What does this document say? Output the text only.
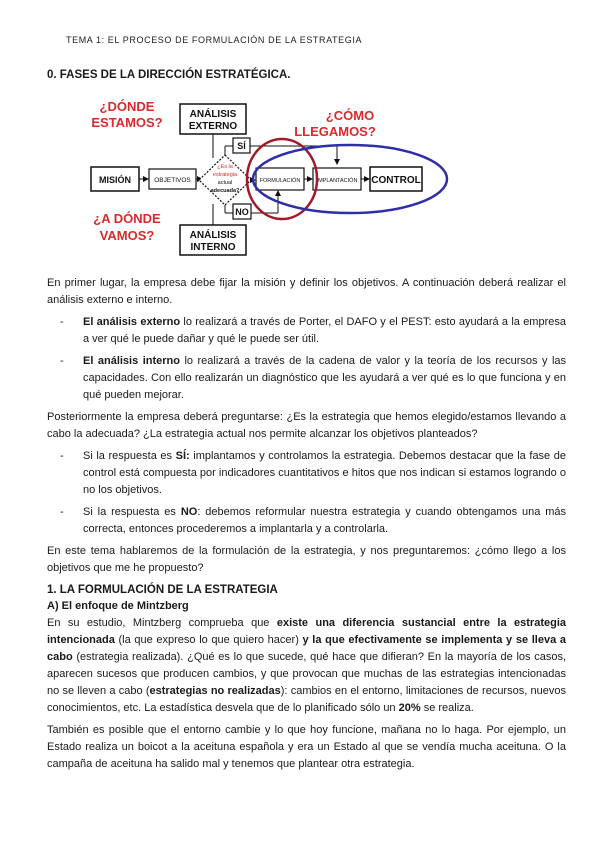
TEMA 1: EL PROCESO DE FORMULACIÓN DE LA ESTRATEGIA
0. FASES DE LA DIRECCIÓN ESTRATÉGICA.
¿DÓNDE
ESTAMOS?
¿A DÓNDE
VAMOS?
¿CÓMO
LLEGAMOS?
ANÁLISIS
EXTERNO
ANÁLISIS
INTERNO
MISIÓN	OBJETIVOS
¿Es la
estrategia
actual
adecuada?
SÍ
NO
FORMULACIÓN	IMPLANTACIÓN CONTROL

En primer lugar, la empresa debe fijar la misión y definir los objetivos. A continuación deberá realizar el análisis externo e interno.

- El análisis externo lo realizará a través de Porter, el DAFO y el PEST: esto ayudará a la empresa a ver qué le puede dañar y qué le puede ser útil.
- El análisis interno lo realizará a través de la cadena de valor y la teoría de los recursos y las capacidades. Con ello realizarán un diagnóstico que les ayudará a ver qué es lo que funciona y en qué pueden mejorar.

Posteriormente la empresa deberá preguntarse: ¿Es la estrategia que hemos elegido/estamos llevando a cabo la adecuada? ¿La estrategia actual nos permite alcanzar los objetivos planteados?

- Si la respuesta es SÍ: implantamos y controlamos la estrategia. Debemos destacar que la fase de control está compuesta por indicadores cuantitativos e hitos que nos indican si estamos logrando o no los objetivos.
- Si la respuesta es NO: debemos reformular nuestra estrategia y cuando obtengamos una más correcta, entonces procederemos a implantarla y a controlarla.

En este tema hablaremos de la formulación de la estrategia, y nos preguntaremos: ¿cómo llego a los objetivos que me he propuesto?

1. LA FORMULACIÓN DE LA ESTRATEGIA
A) El enfoque de Mintzberg

En su estudio, Mintzberg comprueba que existe una diferencia sustancial entre la estrategia intencionada (la que expreso lo que quiero hacer) y la que efectivamente se implementa y se lleva a cabo (estrategia realizada). ¿Qué es lo que sucede, qué hace que difieran? En la mayoría de los casos, aparecen sucesos que producen cambios, y que provocan que muchas de las estrategias intencionadas no se lleven a cabo (estrategias no realizadas): cambios en el entorno, limitaciones de recursos, nuevos conocimientos, etc. La estadística desvela que de lo planificado sólo un 20% se realiza.

También es posible que el entorno cambie y lo que hoy funcione, mañana no lo haga. Por ejemplo, un Estado realiza un boicot a la aceituna española y era un Estado al que se vendía mucha aceituna. O la campaña de aceituna ha salido mal y tenemos que plantear otra estrategia.
